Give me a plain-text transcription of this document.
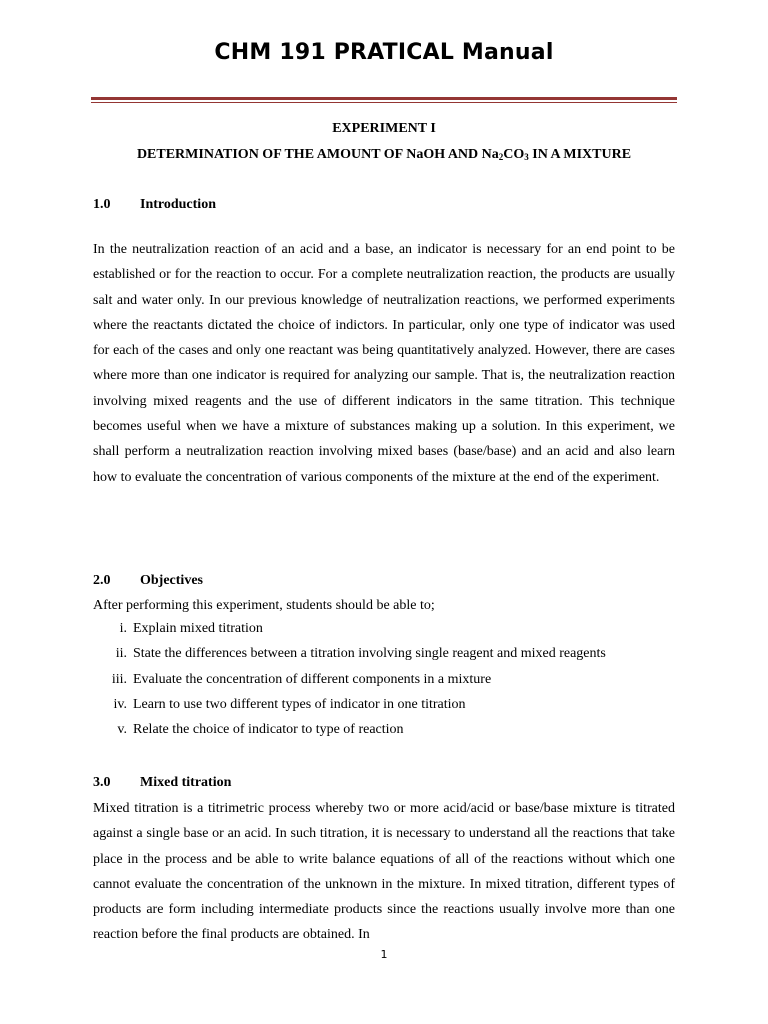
CHM 191 PRATICAL Manual
EXPERIMENT I
DETERMINATION OF THE AMOUNT OF NaOH AND $Na_2CO_3$ IN A MIXTURE
1.0 Introduction

In the neutralization reaction of an acid and a base, an indicator is necessary for an end point to be established or for the reaction to occur. For a complete neutralization reaction, the products are usually salt and water only. In our previous knowledge of neutralization reactions, we performed experiments where the reactants dictated the choice of indictors. In particular, only one type of indicator was used for each of the cases and only one reactant was being quantitatively analyzed. However, there are cases where more than one indicator is required for analyzing our sample. That is, the neutralization reaction involving mixed reagents and the use of different indicators in the same titration. This technique becomes useful when we have a mixture of substances making up a solution. In this experiment, we shall perform a neutralization reaction involving mixed bases (base/base) and an acid and also learn how to evaluate the concentration of various components of the mixture at the end of the experiment.

2.0 Objectives
After performing this experiment, students should be able to;
i. Explain mixed titration
ii. State the differences between a titration involving single reagent and mixed reagents
iii. Evaluate the concentration of different components in a mixture
iv. Learn to use two different types of indicator in one titration
v. Relate the choice of indicator to type of reaction
3.0 Mixed titration

Mixed titration is a titrimetric process whereby two or more acid/acid or base/base mixture is titrated against a single base or an acid. In such titration, it is necessary to understand all the reactions that take place in the process and be able to write balance equations of all of the reactions without which one cannot evaluate the concentration of the unknown in the mixture. In mixed titration, different types of products are form including intermediate products since the reactions usually involve more than one reaction before the final products are obtained. In

1
